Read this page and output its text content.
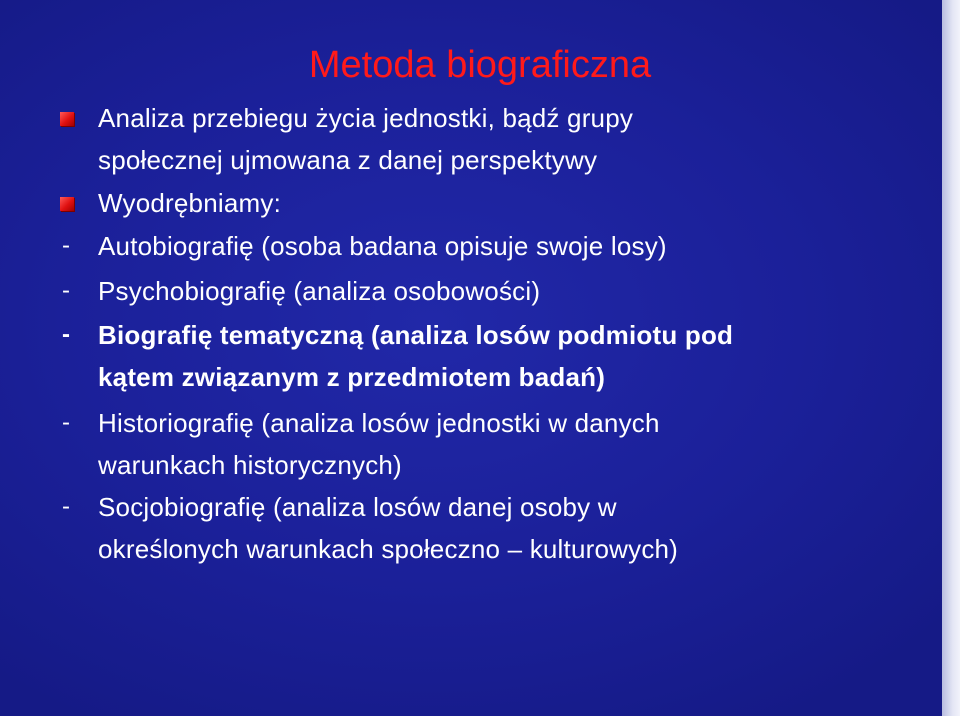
Metoda biograficzna
Analiza przebiegu życia jednostki, bądź grupy
społecznej ujmowana z danej perspektywy
Wyodrębniamy:
- Autobiografię (osoba badana opisuje swoje losy)
- Psychobiografię (analiza osobowości)
- Biografię tematyczną (analiza losów podmiotu pod
kątem związanym z przedmiotem badań)
- Historiografię (analiza losów jednostki w danych
warunkach historycznych)
- Socjobiografię (analiza losów danej osoby w
określonych warunkach społeczno – kulturowych)
